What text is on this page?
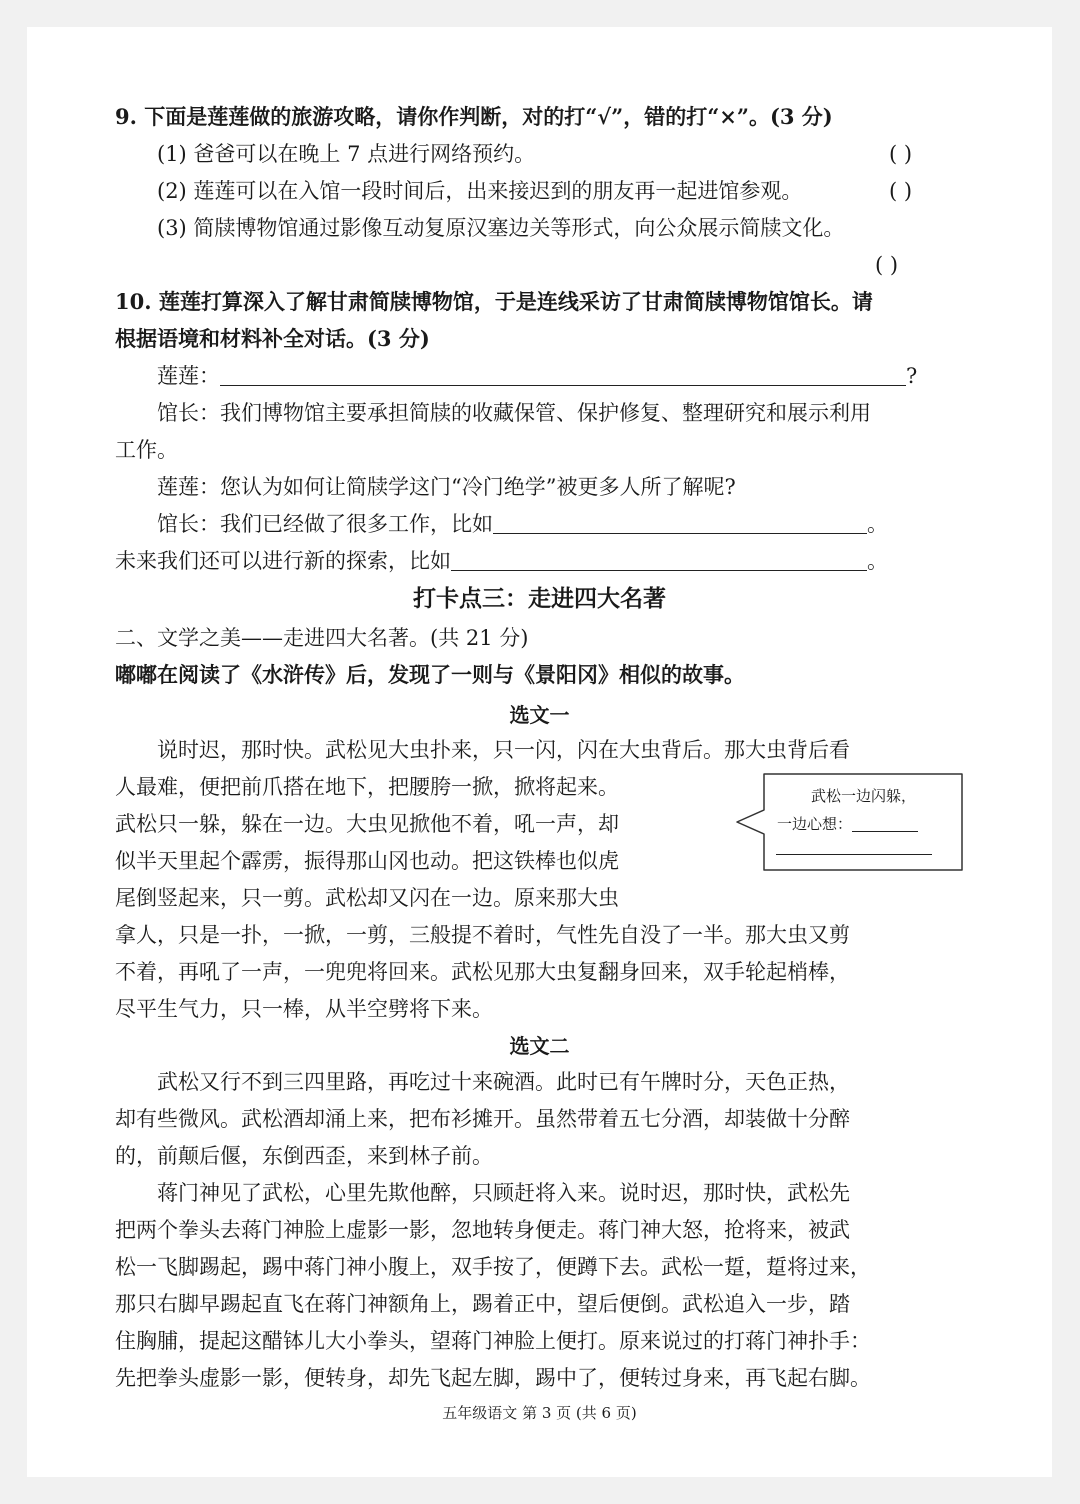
9. 下面是莲莲做的旅游攻略，请你作判断，对的打“√”，错的打“×”。(3 分)
(1) 爸爸可以在晚上 7 点进行网络预约。	( )
(2) 莲莲可以在入馆一段时间后，出来接迟到的朋友再一起进馆参观。	( )
(3) 简牍博物馆通过影像互动复原汉塞边关等形式，向公众展示简牍文化。
( )
10. 莲莲打算深入了解甘肃简牍博物馆，于是连线采访了甘肃简牍博物馆馆长。请
根据语境和材料补全对话。(3 分)
莲莲：	?
馆长：我们博物馆主要承担简牍的收藏保管、保护修复、整理研究和展示利用
工作。
莲莲：您认为如何让简牍学这门“冷门绝学”被更多人所了解呢?
馆长：我们已经做了很多工作，比如	。
未来我们还可以进行新的探索，比如	。
打卡点三：走进四大名著
二、文学之美——走进四大名著。(共 21 分)
嘟嘟在阅读了《水浒传》后，发现了一则与《景阳冈》相似的故事。
选文一
说时迟，那时快。武松见大虫扑来，只一闪，闪在大虫背后。那大虫背后看
人最难，便把前爪搭在地下，把腰胯一掀，掀将起来。
武松只一躲，躲在一边。大虫见掀他不着，吼一声，却
似半天里起个霹雳，振得那山冈也动。把这铁棒也似虎
尾倒竖起来，只一剪。武松却又闪在一边。原来那大虫
拿人，只是一扑，一掀，一剪，三般提不着时，气性先自没了一半。那大虫又剪
不着，再吼了一声，一兜兜将回来。武松见那大虫复翻身回来，双手轮起梢棒，
尽平生气力，只一棒，从半空劈将下来。
武松一边闪躲，
一边心想：
选文二
武松又行不到三四里路，再吃过十来碗酒。此时已有午牌时分，天色正热，
却有些微风。武松酒却涌上来，把布衫摊开。虽然带着五七分酒，却装做十分醉
的，前颠后偃，东倒西歪，来到林子前。
蒋门神见了武松，心里先欺他醉，只顾赶将入来。说时迟，那时快，武松先
把两个拳头去蒋门神脸上虚影一影，忽地转身便走。蒋门神大怒，抢将来，被武
松一飞脚踢起，踢中蒋门神小腹上，双手按了，便蹲下去。武松一踅，踅将过来，
那只右脚早踢起直飞在蒋门神额角上，踢着正中，望后便倒。武松追入一步，踏
住胸脯，提起这醋钵儿大小拳头，望蒋门神脸上便打。原来说过的打蒋门神扑手：
先把拳头虚影一影，便转身，却先飞起左脚，踢中了，便转过身来，再飞起右脚。
五年级语文 第 3 页 (共 6 页)
